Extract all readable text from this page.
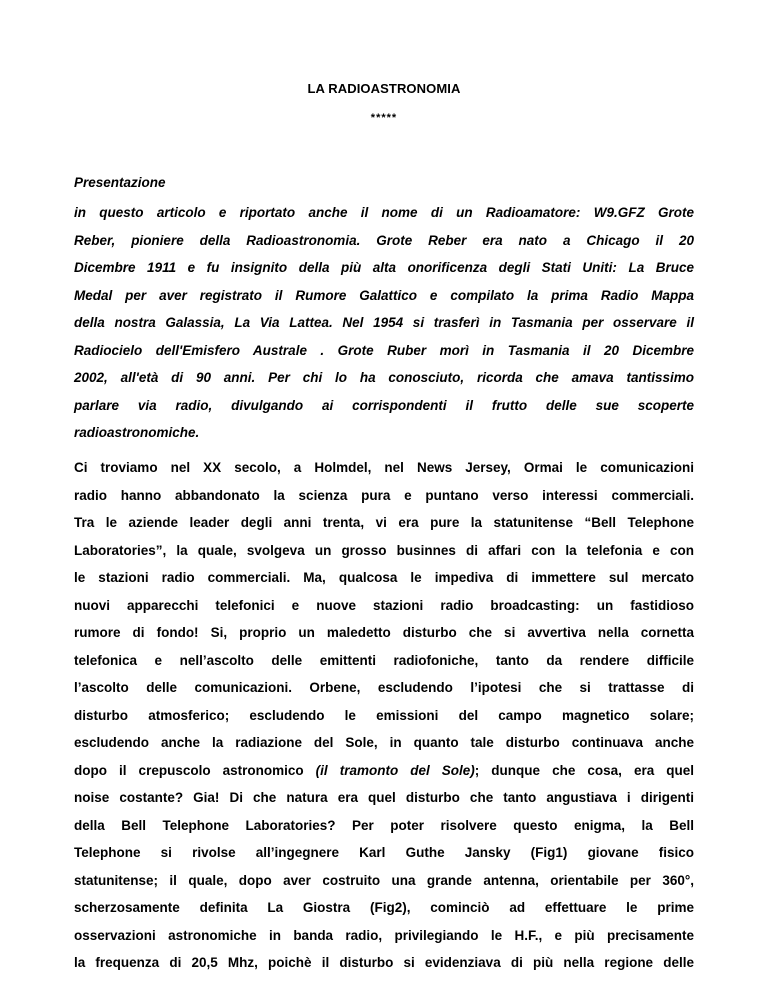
LA RADIOASTRONOMIA
*****
Presentazione
in questo articolo e riportato anche il nome di un Radioamatore: W9.GFZ Grote
Reber, pioniere della Radioastronomia. Grote Reber era nato a Chicago il 20
Dicembre 1911 e fu insignito della più alta onorificenza degli Stati Uniti: La Bruce
Medal per aver registrato il Rumore Galattico e compilato la prima Radio Mappa
della nostra Galassia, La Via Lattea. Nel 1954 si trasferì in Tasmania per osservare il
Radiocielo dell'Emisfero Australe . Grote Ruber morì in Tasmania il 20 Dicembre
2002, all'età di 90 anni. Per chi lo ha conosciuto, ricorda che amava tantissimo
parlare via radio, divulgando ai corrispondenti il frutto delle sue scoperte
radioastronomiche.
Ci troviamo nel XX secolo, a Holmdel, nel News Jersey, Ormai le comunicazioni
radio hanno abbandonato la scienza pura e puntano verso interessi commerciali.
Tra le aziende leader degli anni trenta, vi era pure la statunitense “Bell Telephone
Laboratories”, la quale, svolgeva un grosso businnes di affari con la telefonia e con
le stazioni radio commerciali. Ma, qualcosa le impediva di immettere sul mercato
nuovi apparecchi telefonici e nuove stazioni radio broadcasting: un fastidioso
rumore di fondo! Si, proprio un maledetto disturbo che si avvertiva nella cornetta
telefonica e nell’ascolto delle emittenti radiofoniche, tanto da rendere difficile
l’ascolto delle comunicazioni. Orbene, escludendo l’ipotesi che si trattasse di
disturbo atmosferico; escludendo le emissioni del campo magnetico solare;
escludendo anche la radiazione del Sole, in quanto tale disturbo continuava anche
dopo il crepuscolo astronomico (il tramonto del Sole); dunque che cosa, era quel
noise costante? Gia! Di che natura era quel disturbo che tanto angustiava i dirigenti
della Bell Telephone Laboratories? Per poter risolvere questo enigma, la Bell
Telephone si rivolse all’ingegnere Karl Guthe Jansky (Fig1) giovane fisico
statunitense; il quale, dopo aver costruito una grande antenna, orientabile per 360°,
scherzosamente definita La Giostra (Fig2), cominciò ad effettuare le prime
osservazioni astronomiche in banda radio, privilegiando le H.F., e più precisamente
la frequenza di 20,5 Mhz, poichè il disturbo si evidenziava di più nella regione delle
